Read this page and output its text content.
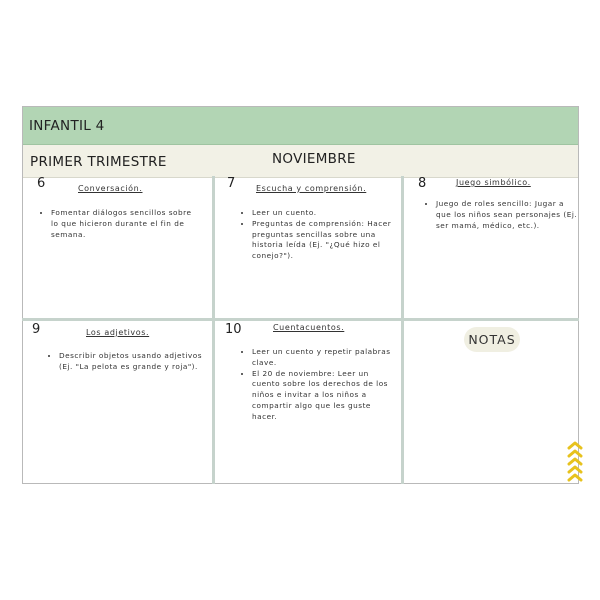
INFANTIL 4
PRIMER TRIMESTRE	NOVIEMBRE
6	Conversación.
• Fomentar diálogos sencillos sobre lo que hicieron durante el fin de semana.
7	Escucha y comprensión.
• Leer un cuento.
• Preguntas de comprensión: Hacer preguntas sencillas sobre una historia leída (Ej. "¿Qué hizo el conejo?").
8	Juego simbólico.
• Juego de roles sencillo: Jugar a que los niños sean personajes (Ej. ser mamá, médico, etc.).
9	Los adjetivos.
• Describir objetos usando adjetivos (Ej. "La pelota es grande y roja").
10	Cuentacuentos.
• Leer un cuento y repetir palabras clave.
• El 20 de noviembre: Leer un cuento sobre los derechos de los niños e invitar a los niños a compartir algo que les guste hacer.
NOTAS
